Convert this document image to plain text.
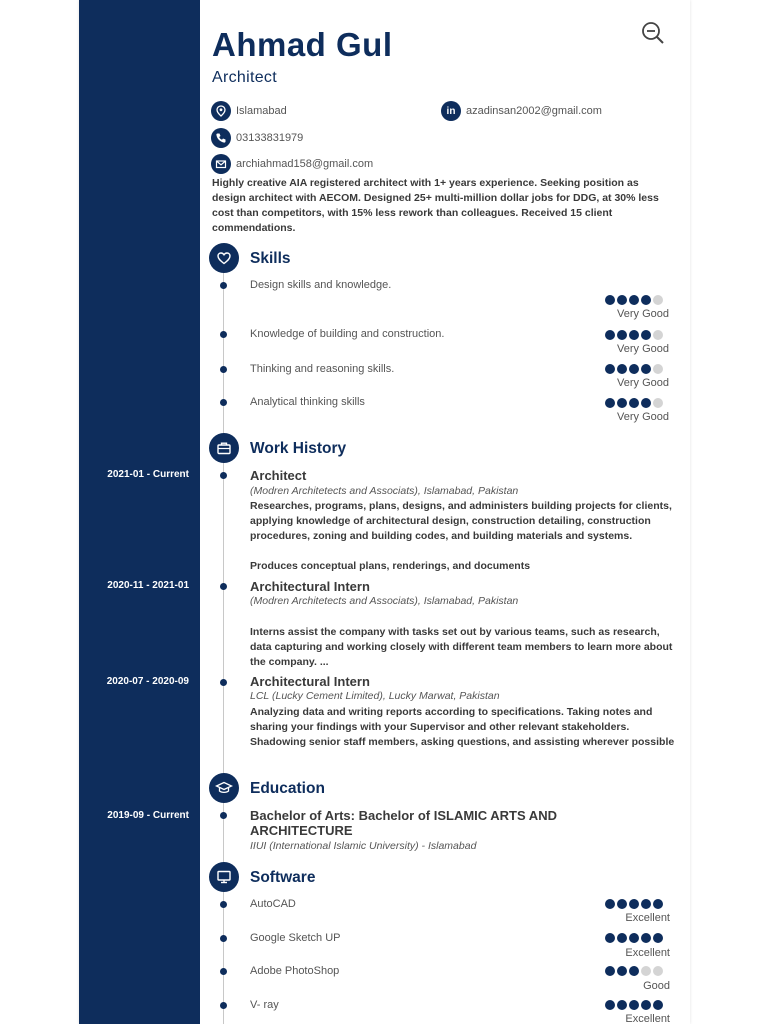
Ahmad Gul
Architect
Islamabad	in azadinsan2002@gmail.com
03133831979
archiahmad158@gmail.com
Highly creative AIA registered architect with 1+ years experience. Seeking position as design architect with AECOM. Designed 25+ multi-million dollar jobs for DDG, at 30% less cost than competitors, with 15% less rework than colleagues. Received 15 client commendations.
Skills
Design skills and knowledge.
Very Good
Knowledge of building and construction.
Very Good
Thinking and reasoning skills.
Very Good
Analytical thinking skills
Very Good
Work History
2021-01 - Current	Architect
(Modren Architetects and Associats), Islamabad, Pakistan
Researches, programs, plans, designs, and administers building projects for clients, applying knowledge of architectural design, construction detailing, construction procedures, zoning and building codes, and building materials and systems.
Produces conceptual plans, renderings, and documents
2020-11 - 2021-01	Architectural Intern
(Modren Architetects and Associats), Islamabad, Pakistan
Interns assist the company with tasks set out by various teams, such as research, data capturing and working closely with different team members to learn more about the company. ...
2020-07 - 2020-09	Architectural Intern
LCL (Lucky Cement Limited), Lucky Marwat, Pakistan
Analyzing data and writing reports according to specifications. Taking notes and sharing your findings with your Supervisor and other relevant stakeholders. Shadowing senior staff members, asking questions, and assisting wherever possible
Education
2019-09 - Current	Bachelor of Arts: Bachelor of ISLAMIC ARTS AND ARCHITECTURE
IIUI (International Islamic University) - Islamabad
Software
AutoCAD
Excellent
Google Sketch UP
Excellent
Adobe PhotoShop
Good
V- ray
Excellent
